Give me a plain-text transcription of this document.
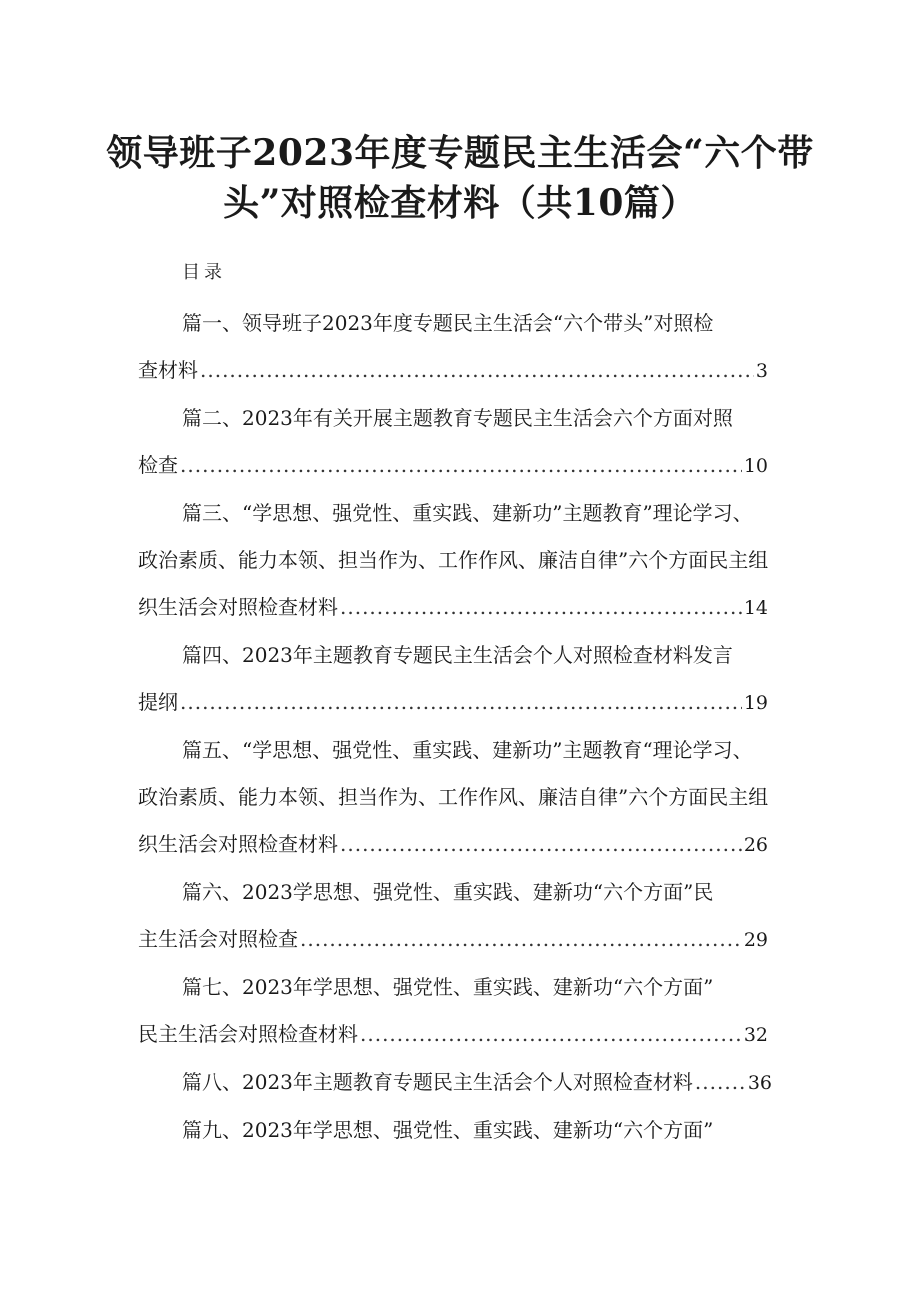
领导班子2023年度专题民主生活会“六个带
头”对照检查材料（共10篇）
目录
篇一、领导班子2023年度专题民主生活会“六个带头”对照检
查材料 .....	3
篇二、2023年有关开展主题教育专题民主生活会六个方面对照
检查 .....	10
篇三、“学思想、强党性、重实践、建新功”主题教育”理论学习、
政治素质、能力本领、担当作为、工作作风、廉洁自律”六个方面民主组
织生活会对照检查材料 .....	14
篇四、2023年主题教育专题民主生活会个人对照检查材料发言
提纲 .....	19
篇五、“学思想、强党性、重实践、建新功”主题教育“理论学习、
政治素质、能力本领、担当作为、工作作风、廉洁自律”六个方面民主组
织生活会对照检查材料 .....	26
篇六、2023学思想、强党性、重实践、建新功“六个方面”民
主生活会对照检查 .....	29
篇七、2023年学思想、强党性、重实践、建新功“六个方面”
民主生活会对照检查材料 .....	32
篇八、2023年主题教育专题民主生活会个人对照检查材料 .....	36
篇九、2023年学思想、强党性、重实践、建新功“六个方面”
